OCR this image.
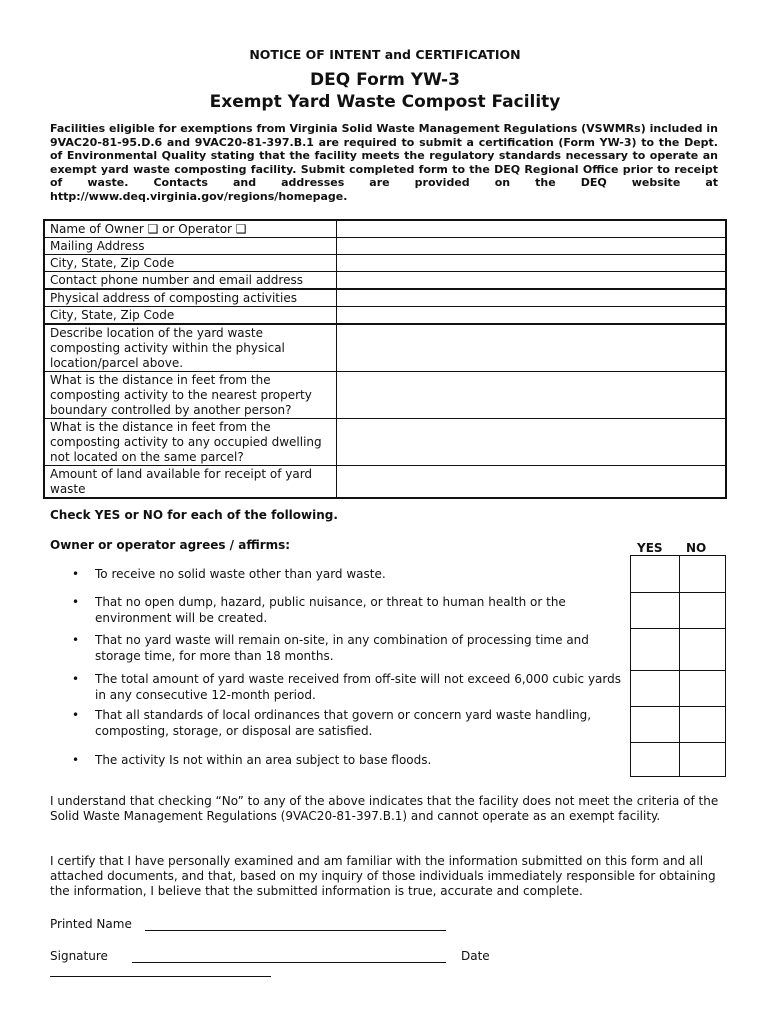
NOTICE OF INTENT and CERTIFICATION
DEQ Form YW-3
Exempt Yard Waste Compost Facility
Facilities eligible for exemptions from Virginia Solid Waste Management Regulations (VSWMRs) included in 9VAC20-81-95.D.6 and 9VAC20-81-397.B.1 are required to submit a certification (Form YW-3) to the Dept. of Environmental Quality stating that the facility meets the regulatory standards necessary to operate an exempt yard waste composting facility. Submit completed form to the DEQ Regional Office prior to receipt of waste. Contacts and addresses are provided on the DEQ website at http://www.deq.virginia.gov/regions/homepage.
Name of Owner ❑ or Operator ❑	
Mailing Address	
City, State, Zip Code	
Contact phone number and email address	
Physical address of composting activities	
City, State, Zip Code	
Describe location of the yard waste composting activity within the physical location/parcel above.	
What is the distance in feet from the composting activity to the nearest property boundary controlled by another person?	
What is the distance in feet from the composting activity to any occupied dwelling not located on the same parcel?	
Amount of land available for receipt of yard waste	
Check YES or NO for each of the following.
Owner or operator agrees / affirms:	YES NO
• To receive no solid waste other than yard waste.
• That no open dump, hazard, public nuisance, or threat to human health or the environment will be created.
• That no yard waste will remain on-site, in any combination of processing time and storage time, for more than 18 months.
• The total amount of yard waste received from off-site will not exceed 6,000 cubic yards in any consecutive 12-month period.
• That all standards of local ordinances that govern or concern yard waste handling, composting, storage, or disposal are satisfied.
• The activity Is not within an area subject to base floods.
I understand that checking “No” to any of the above indicates that the facility does not meet the criteria of the Solid Waste Management Regulations (9VAC20-81-397.B.1) and cannot operate as an exempt facility.
I certify that I have personally examined and am familiar with the information submitted on this form and all attached documents, and that, based on my inquiry of those individuals immediately responsible for obtaining the information, I believe that the submitted information is true, accurate and complete.
Printed Name
Signature	Date
